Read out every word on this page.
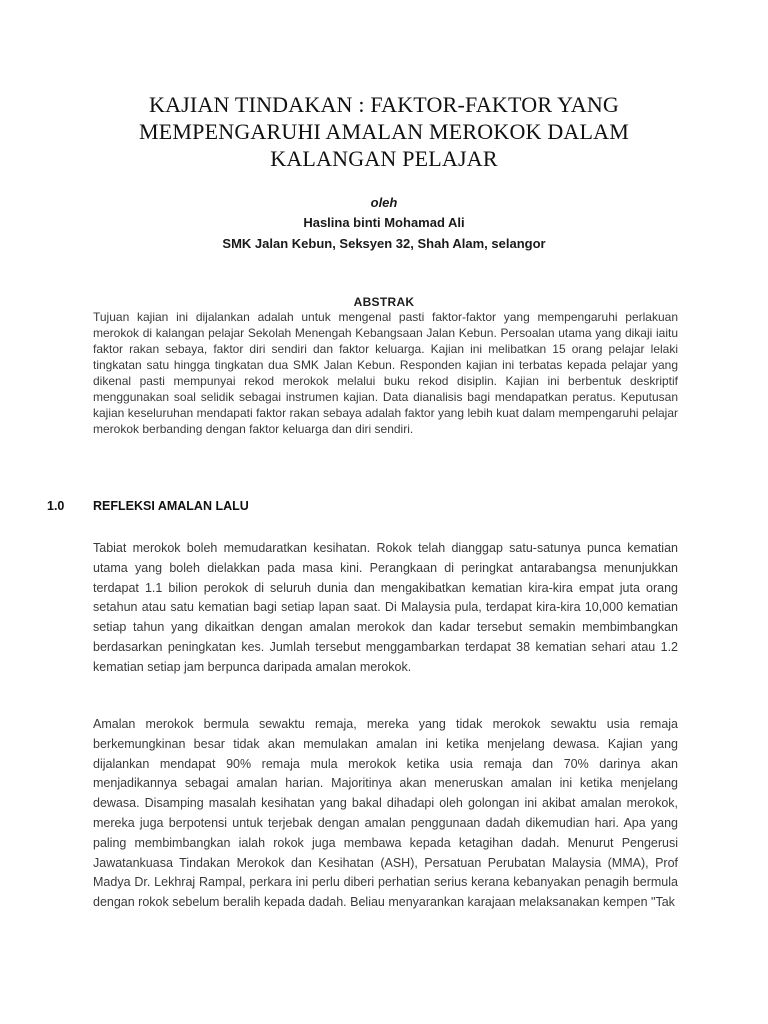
KAJIAN TINDAKAN : FAKTOR-FAKTOR YANG
MEMPENGARUHI AMALAN MEROKOK DALAM
KALANGAN PELAJAR
oleh
Haslina binti Mohamad Ali
SMK Jalan Kebun, Seksyen 32, Shah Alam, selangor
ABSTRAK
Tujuan kajian ini dijalankan adalah untuk mengenal pasti faktor-faktor yang mempengaruhi perlakuan merokok di kalangan pelajar Sekolah Menengah Kebangsaan Jalan Kebun. Persoalan utama yang dikaji iaitu faktor rakan sebaya, faktor diri sendiri dan faktor keluarga. Kajian ini melibatkan 15 orang pelajar lelaki tingkatan satu hingga tingkatan dua SMK Jalan Kebun. Responden kajian ini terbatas kepada pelajar yang dikenal pasti mempunyai rekod merokok melalui buku rekod disiplin. Kajian ini berbentuk deskriptif menggunakan soal selidik sebagai instrumen kajian. Data dianalisis bagi mendapatkan peratus. Keputusan kajian keseluruhan mendapati faktor rakan sebaya adalah faktor yang lebih kuat dalam mempengaruhi pelajar merokok berbanding dengan faktor keluarga dan diri sendiri.
1.0 REFLEKSI AMALAN LALU
Tabiat merokok boleh memudaratkan kesihatan. Rokok telah dianggap satu-satunya punca kematian utama yang boleh dielakkan pada masa kini. Perangkaan di peringkat antarabangsa menunjukkan terdapat 1.1 bilion perokok di seluruh dunia dan mengakibatkan kematian kira-kira empat juta orang setahun atau satu kematian bagi setiap lapan saat. Di Malaysia pula, terdapat kira-kira 10,000 kematian setiap tahun yang dikaitkan dengan amalan merokok dan kadar tersebut semakin membimbangkan berdasarkan peningkatan kes. Jumlah tersebut menggambarkan terdapat 38 kematian sehari atau 1.2 kematian setiap jam berpunca daripada amalan merokok.
Amalan merokok bermula sewaktu remaja, mereka yang tidak merokok sewaktu usia remaja berkemungkinan besar tidak akan memulakan amalan ini ketika menjelang dewasa. Kajian yang dijalankan mendapat 90% remaja mula merokok ketika usia remaja dan 70% darinya akan menjadikannya sebagai amalan harian. Majoritinya akan meneruskan amalan ini ketika menjelang dewasa. Disamping masalah kesihatan yang bakal dihadapi oleh golongan ini akibat amalan merokok, mereka juga berpotensi untuk terjebak dengan amalan penggunaan dadah dikemudian hari. Apa yang paling membimbangkan ialah rokok juga membawa kepada ketagihan dadah. Menurut Pengerusi Jawatankuasa Tindakan Merokok dan Kesihatan (ASH), Persatuan Perubatan Malaysia (MMA), Prof Madya Dr. Lekhraj Rampal, perkara ini perlu diberi perhatian serius kerana kebanyakan penagih bermula dengan rokok sebelum beralih kepada dadah. Beliau menyarankan karajaan melaksanakan kempen "Tak
